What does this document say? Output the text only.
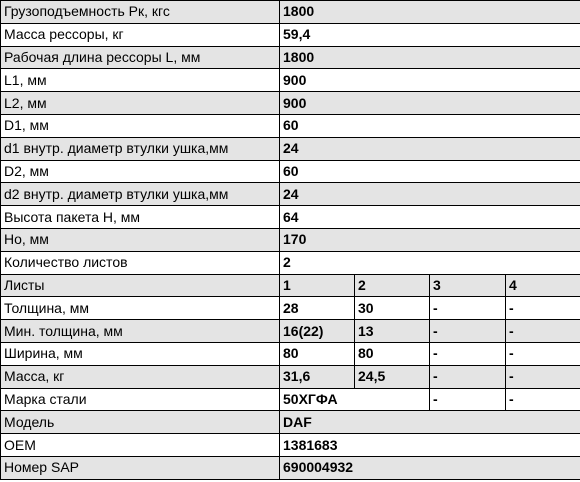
Грузоподъемность Рк, кгс	1800			
Масса рессоры, кг	59,4			
Рабочая длина рессоры L, мм	1800			
L1, мм	900			
L2, мм	900			
D1, мм	60			
d1 внутр. диаметр втулки ушка,мм	24			
D2, мм	60			
d2 внутр. диаметр втулки ушка,мм	24			
Высота пакета H, мм	64			
Ho, мм	170			
Количество листов	2			
Листы	1	2	3	4
Толщина, мм	28	30	-	-
Мин. толщина, мм	16(22)	13	-	-
Ширина, мм	80	80	-	-
Масса, кг	31,6	24,5	-	-
Марка стали	50ХГФА		-	-
Модель	DAF			
OEM	1381683			
Номер SAP	690004932			
